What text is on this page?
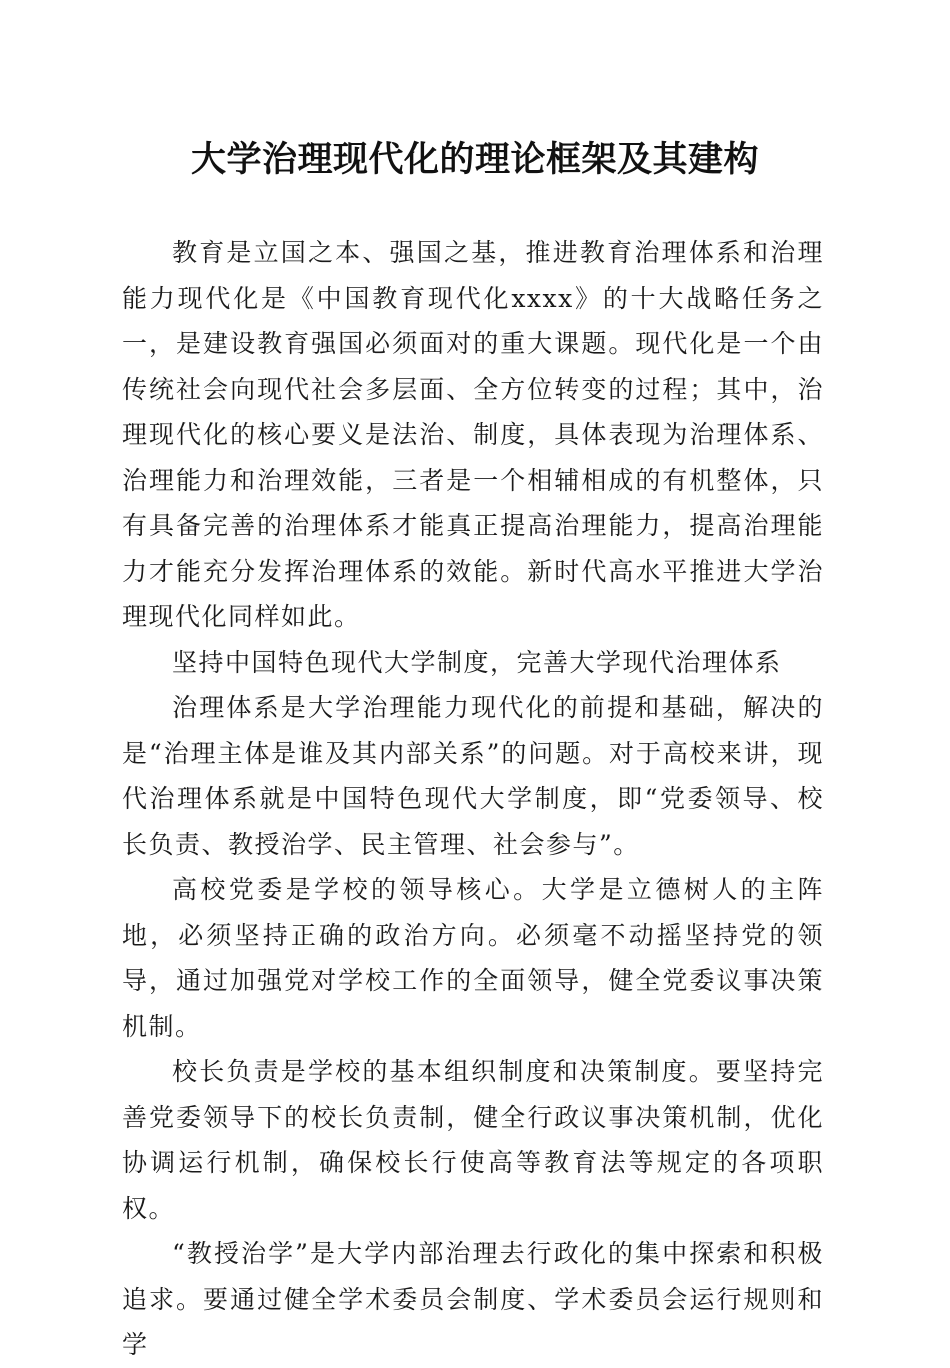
大学治理现代化的理论框架及其建构

教育是立国之本、强国之基，推进教育治理体系和治理能力现代化是《中国教育现代化xxxx》的十大战略任务之一，是建设教育强国必须面对的重大课题。现代化是一个由传统社会向现代社会多层面、全方位转变的过程；其中，治理现代化的核心要义是法治、制度，具体表现为治理体系、治理能力和治理效能，三者是一个相辅相成的有机整体，只有具备完善的治理体系才能真正提高治理能力，提高治理能力才能充分发挥治理体系的效能。新时代高水平推进大学治理现代化同样如此。

坚持中国特色现代大学制度，完善大学现代治理体系

治理体系是大学治理能力现代化的前提和基础，解决的是“治理主体是谁及其内部关系”的问题。对于高校来讲，现代治理体系就是中国特色现代大学制度，即“党委领导、校长负责、教授治学、民主管理、社会参与”。

高校党委是学校的领导核心。大学是立德树人的主阵地，必须坚持正确的政治方向。必须毫不动摇坚持党的领导，通过加强党对学校工作的全面领导，健全党委议事决策机制。

校长负责是学校的基本组织制度和决策制度。要坚持完善党委领导下的校长负责制，健全行政议事决策机制，优化协调运行机制，确保校长行使高等教育法等规定的各项职权。

“教授治学”是大学内部治理去行政化的集中探索和积极追求。要通过健全学术委员会制度、学术委员会运行规则和学
